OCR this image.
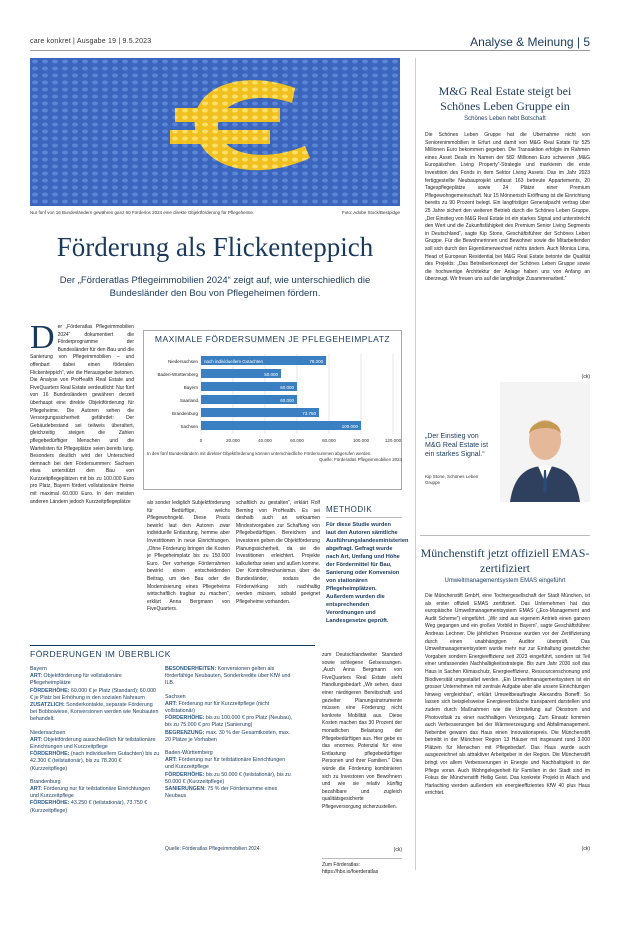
care konkret | Ausgabe 19 | 9.5.2023	Analyse & Meinung | 5
Nur fünf von 16 Bundesländern gewähren ganz 60 Förderlos 2024 eine direkte Objektförderung für Pflegeheime.	Foto: Adobe Stock/Bestpidge
Förderung als Flickenteppich
Der „Förderatlas Pflegeimmobilien 2024“ zeigt auf, wie unterschiedlich die Bundesländer den Bou von Pflegeheimen fördern.
D er „Förderatlas Pflegeimmobilien 2024“ dokumentiert die Förderprogramme der Bundesländer für den Bau und die Sanierung von Pflegeimmobilien – und offenbart dabei einen föderalen Flickenteppich“, wie die Herausgeber betonen. Die Analyse von ProHealth Real Estate und FiveQuarters Real Estate verdeutlicht: Nur fünf von 16 Bundesländern gewähren derzeit überhaupt eine direkte Objektförderung für Pflegeheime. Die Autoren sehen die Versorgungssicherheit gefährdet: Der Gebäudebestand sei teilweis überaltert, gleichzeitig steigen die Zahlen pflegebedürftiger Menschen und die Wartelisten für Pflegeplätze seien bereits lang. Besonders deutlich wird der Unterschied demnach bei den Fördersummen: Sachsen etwa unterstützt den Bau von Kurzzeitpflegeplätzen mit bis zu 100.000 Euro pro Platz, Bayern fördert vollstationäre Heime mit maximal 60.000 Euro. In den meisten anderen Ländern jedoch Kurzzeitpflegeplätze
MAXIMALE FÖRDERSUMMEN JE PFLEGEHEIMPLATZ
0	20.000	40.000	60.000	80.000	100.000	120.000
Niedersachsen	78.200
nach individuellem Gutachten
Baden-Württemberg	50.000
Bayern	60.000
Saarland	60.000
Brandenburg	73.750
Sachsen	100.000
In den fünf Bundesländern mit direkter Objektförderung können unterschiedliche Fördersummen abgerufen werden.
Quelle: Förderatlas Pflegeimmobilien 2024
als sonder lediglich Subjektförderung für Bedürftige, welchs Pflegewohngeld. Diese Praxis bewirkt laut den Autoren zwar individuelle Entlastung, hemme aber Investitionen in neue Einrichtungen. „Ohne Förderung bringen die Kosten je Pflegeheimplatz bis zu 150.000 Euro. Der vorherige Förderrahmen bewirkt einen entscheidenden Beitrag, um den Bau oder die Modernisierung eines Pflegeheims wirtschaftlich tragbar zu machen“, erklärt Anna Bergmann von FiveQuarters.
schaftlich zu gestalten“, erklärt Rolf Berning von ProHealth. Es sei deshalb auch an wirksamen Mindestvorgaben zur Schaffung von Pflegebedürftigen. Bereichern und Investoren geben die Objektförderung Planungssicherheit, da sie die Investitionen erleichtert. Projekte kalkulierbar seien und außen komme. Der Kontrollmechanismus über die Bundesländer, sodass die Förderwirkung sich nachhaltig werden müssen, sobald geeignet Pflegeheime vorhanden.
METHODIK
Für diese Studie wurden laut den Autoren sämtliche Ausführungslandesministerien abgefragt. Gefragt wurde nach Art, Umfang und Höhe der Fördermittel für Bau, Sanierung oder Konversion von stationären Pflegeheimplätzen. Außerdem wurden die entsprechenden Verordnungen und Landesgesetze geprüft.
FÖRDERUNGEN IM ÜBERBLICK
Bayern
ART: Objektförderung für vollstationäre Pflegeheimplätze
FÖRDERHÖHE: 60.000 € je Platz (Standard); 60.000 € je Platz bei Erhöhung in den sozialen Nahraum
ZUSATZLICH: Sonderkontakte, separate Förderung bei Bobbowiese, Konversionen werden wie Neubauten behandelt.
Niedersachsen
ART: Objektförderung ausschließlich für teilstationäre Einrichtungen und Kurzzeitpflege
FÖRDERHÖHE: (nach individuellem Gutachten) bis zu 42.300 € (teilstationär), bis zu 78.200 € (Kurzzeitpflege)
Brandenburg
ART: Förderung nur für teilstationäre Einrichtungen und Kurzzeitpflege
FÖRDERHÖHE: 43.250 € (teilstationär), 73.750 € (Kurzzeitpflege)
BESONDERHEITEN: Konversionen gelten als förderfähige Neubauten, Sonderkredite über KfW und ILB.
Sachsen
ART: Förderung nur für Kurzzeitpflege (nicht vollstationär)
FÖRDERHÖHE: bis zu 100.000 € pro Platz (Neubau), bis zu 75.000 € pro Platz (Sanierung)
BEGRENZUNG: max. 30 % der Gesamtkosten, max. 20 Plätze je Vorhaben
Baden-Württemberg
ART: Förderung nur für teilstationäre Einrichtungen und Kurzzeitpflege
FÖRDERHÖHE: bis zu 50.000 € (teilstationär), bis zu 50.000 € (Kurzzeitpflege)
SANIERUNGEN: 75 % der Fördersumme eines Neubaus
Quelle: Förderatlas Pflegeimmobilien 2024
zum Deutschlandweiter Standard sowie schlegene Gelsessungen. „Auch Anna Bergmann von FiveQuarters Real Estate sieht Handlungsbedarf: „Wir sehen, dass einer niedrigeren Bereitschaft und gezielter Planungsinstrumente müssen eine Förderung nicht konkrete Mobilität aus. Diese Kosten machen das 30 Prozent der monatlichen Belastung der Pflegebedürftigen aus. Hier gebe es das enormes Potenzial für eine Entlastung pflegebedürftiger Personen und ihrer Familien.“ Dies würde die Förderung kombinieren sich zu Investoren von Bewohnern und wie sie relativ künftig bezahlbare und zugleich qualitätsgesicherte Pflegeversorgung sicherzustellen.
(ck)
Zum Förderatlas:
https://hbx.io/foerderatlas
M&G Real Estate steigt bei Schönes Leben Gruppe ein
Schönes Leben hebt Botschaft
Die Schönes Leben Gruppe hat die Übernahme nicht von Seniorenimmobilien in Erfurt und damit von M&G Real Estate für 525 Millionen Euro bekommen gegeben. Die Transaktion erfolgte im Rahmen eines Asset Deals im Namen der 582 Millionen Euro schweren „M&G Europäischen Living Property“-Strategie und markieren die erste Investition des Fonds in dem Sektor Living Assets. Das im Jahr 2023 fertiggestellte Neubauprojekt umfasst 163 betreute Appartements, 20 Tagespflegeplätze sowie 24 Plätze einer Premium Pflegewohngemeinschaft. Nur 15 Mönnerisch Eröffnung ist die Einrichtung bereits zu 90 Prozent belegt. Ein langfristiger Generalpacht vertrag über 25 Jahre sichert den weiteren Betrieb durch die Schönes Leben Gruppe. „Der Einstieg von M&G Real Estate ist ein starkes Signal und unterstreicht den Wert und die Zukunftsfähigkeit des Premium Senior Living Segments in Deutschland“, sagte Kip Stone, Geschäftsführer der Schönes Leben Gruppe. Für die Bewohnerinnen und Bewohner sowie die Mitarbeitenden soll sich durch den Eigentümerwechsel nichts ändern. Auch Monica Lima, Head of European Residential bei M&G Real Estate betonte die Qualität des Projekts: „Das Betreiberkonzept der Schönes Leben Gruppe sowie die hochwertige Architektur der Anlage haben uns von Anfang an überzeugt. Wir freuen uns auf die langfristige Zusammenarbeit.“
(ck)
„Der Einstieg von M&G Real Estate ist ein starkes Signal.“
Kip Stone, Schönes Leben Gruppe
Münchenstift jetzt offiziell EMAS-zertifiziert
Umweltmanagementsystem EMAS eingeführt
Die Münchenstift GmbH, eine Tochtergesellschaft der Stadt München, ist als erster offiziell EMAS zertifiziert. Das Unternehmen hat das europäische Umweltmanagementsystem EMAS („Eco-Management and Audit Scheme“) eingeführt. „Wir sind aus eigenem Antrieb einen ganzen Weg gegangen und ein großes Vorbild in Bayern“, sagte Geschäftsführer Andreas Lechner. Die jährlichen Prozesse wurden vor der Zertifizierung durch einen unabhängigen Auditor überprüft. Das Umweltmanagementsystem wurde mehr nur zur Einhaltung gesetzlicher Vorgaben sondern Energieeffizienz seit 2023 eingeführt, sondern ist Teil einer umfassenden Nachhaltigkeitsstrategie. Bis zum Jahr 2030 soll das Haus in Sachen Klimaschutz, Energieeffizienz, Ressourcenschonung und Biodiversität umgestaltet werden. „Ein Umweltmanagementsystem ist ein grosser Unternehmen mit zentrale Aufgabe aber alle unsere Einrichtungen hinweg vergleichbar“, erklärt Umweltbeauftragte Alexandra Boneff. So lassen sich beispielsweise Energieverbräuche transparent darstellen und zudem durch Maßnahmen wie die Umstellung auf Ökostrom und Photovoltaik zu einer nachhaltigen Versorgung. Zum Einsatz kommen auch Verbesserungen bei der Wärmeerzeugung und Abfallmanagement. Nebenbei gewann das Haus einen Innovationspreis. Die Münchenstift betreibt in der Münchner Region 13 Häuser mit insgesamt rund 3.000 Plätzen für Menschen mit Pflegebedarf. Das Haus wurde auch ausgezeichnet als attraktiver Arbeitgeber in der Region. Die Münchenstift bringt vor allem Verbesserungen in Energie und Nachhaltigkeit in der Pflege voran. Auch Wohngelegenheit für Familien in der Stadt sind im Fokus der Münchenstift Heilig Geist. Das konkrete Projekt in Allach und Harlaching werden außerdem ein energieeffizientes KfW 40 plus Haus errichtet.
(ck)
